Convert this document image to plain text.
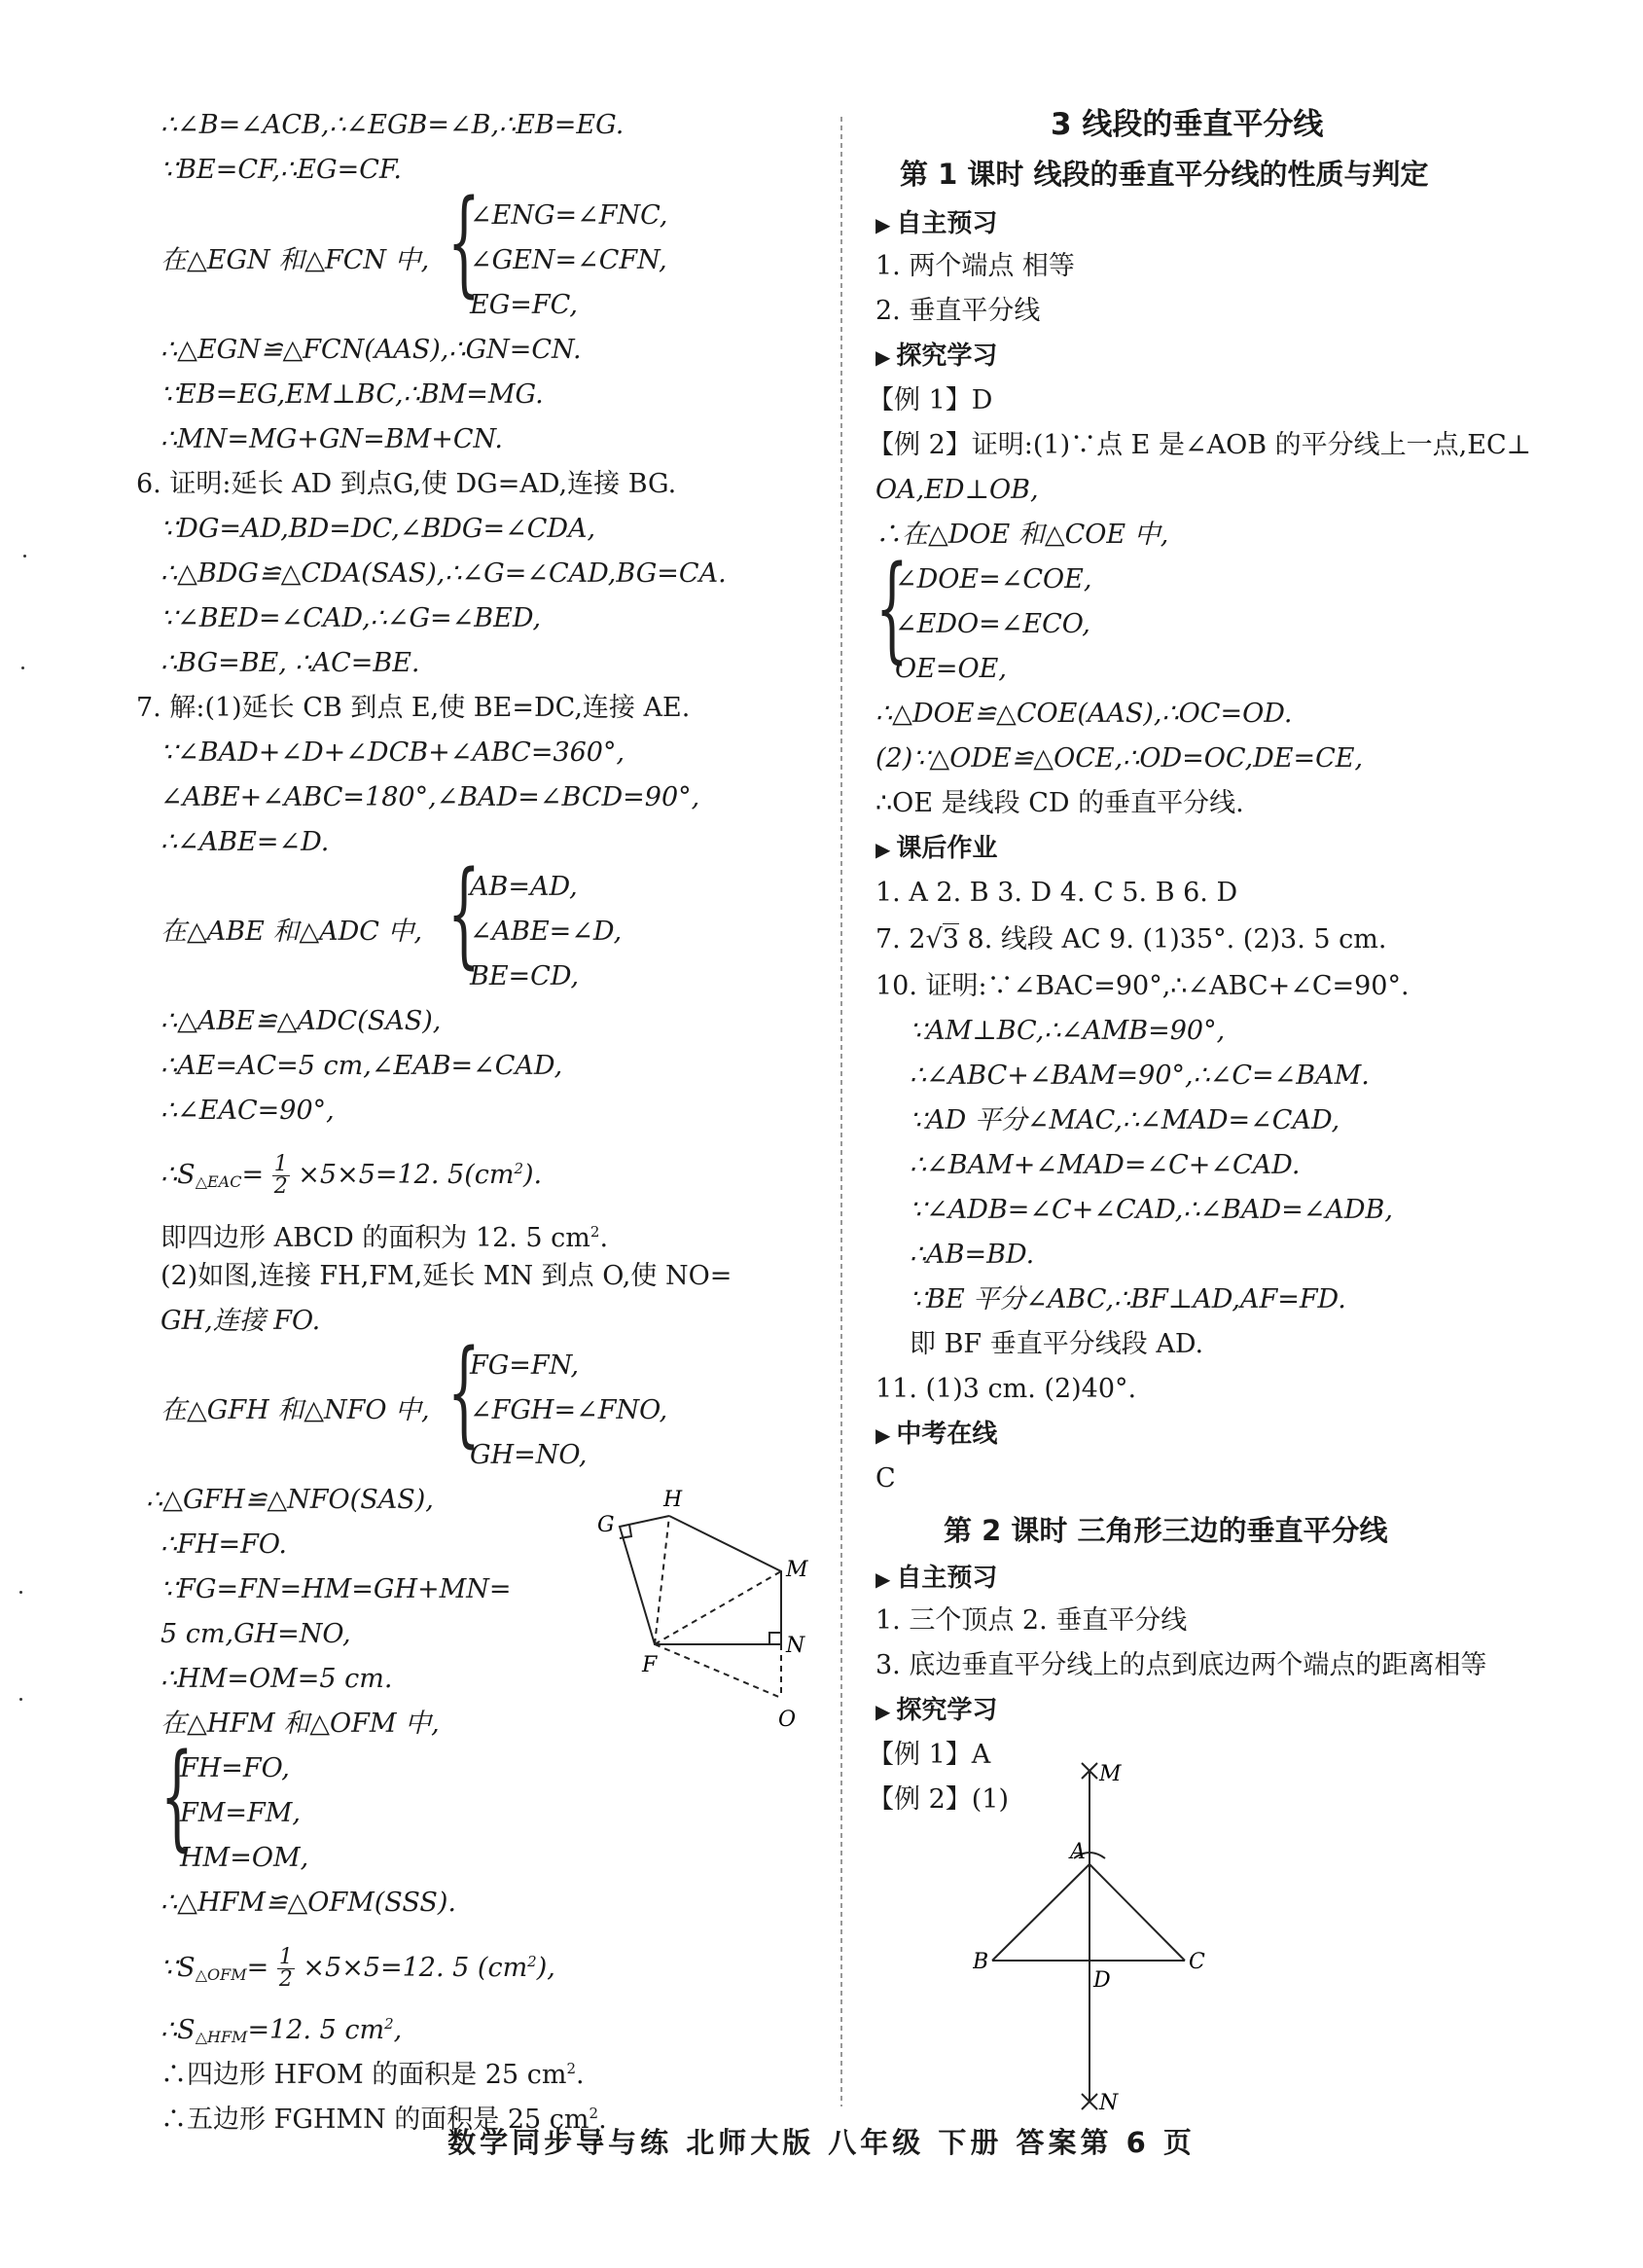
∴∠B=∠ACB,∴∠EGB=∠B,∴EB=EG.
∵BE=CF,∴EG=CF.
在△EGN 和△FCN 中, {
∠ENG=∠FNC,
∠GEN=∠CFN,
EG=FC,
∴△EGN≌△FCN(AAS),∴GN=CN.
∵EB=EG,EM⊥BC,∴BM=MG.
∴MN=MG+GN=BM+CN.
6. 证明:延长 AD 到点G,使 DG=AD,连接 BG.
∵DG=AD,BD=DC,∠BDG=∠CDA,
∴△BDG≌△CDA(SAS),∴∠G=∠CAD,BG=CA.
∵∠BED=∠CAD,∴∠G=∠BED,
∴BG=BE, ∴AC=BE.
7. 解:(1)延长 CB 到点 E,使 BE=DC,连接 AE.
∵∠BAD+∠D+∠DCB+∠ABC=360°,
∠ABE+∠ABC=180°,∠BAD=∠BCD=90°,
∴∠ABE=∠D.
在△ABE 和△ADC 中, {
AB=AD,
∠ABE=∠D,
BE=CD,
∴△ABE≌△ADC(SAS),
∴AE=AC=5 cm,∠EAB=∠CAD,
∴∠EAC=90°,
$\therefore S_{\triangle EAC}= \frac{1}{2} \times 5\times 5=12$. $5(cm^2)$.
即四边形 ABCD 的面积为 12. 5 $cm^2$.
(2)如图,连接 FH,FM,延长 MN 到点 O,使 NO=
GH,连接 FO.
在△GFH 和△NFO 中, {
FG=FN,
∠FGH=∠FNO,
GH=NO,
∴△GFH≌△NFO(SAS),
∴FH=FO.
∵FG=FN=HM=GH+MN=
5 cm,GH=NO,
∴HM=OM=5 cm.
在△HFM 和△OFM 中,
{
FH=FO,
FM=FM,
HM=OM,
∴△HFM≌△OFM(SSS).
$\because S_{\triangle OFM}= \frac{1}{2} \times 5\times 5=12$. 5 $(cm^2)$,
$\therefore S_{\triangle HFM}=12$. 5 $cm^2$,
∴四边形 HFOM 的面积是 25 $cm^2$.
∴五边形 FGHMN 的面积是 25 $cm^2$.
H
G
M
N
F
O
3 线段的垂直平分线
第 1 课时 线段的垂直平分线的性质与判定
▶ 自主预习
1. 两个端点 相等
2. 垂直平分线
▶ 探究学习
【例 1】D
【例 2】证明:(1)∵点 E 是∠AOB 的平分线上一点,EC⊥
OA,ED⊥OB,
∴在△DOE 和△COE 中,
{
∠DOE=∠COE,
∠EDO=∠ECO,
OE=OE,
∴△DOE≌△COE(AAS),∴OC=OD.
(2)∵△ODE≌△OCE,∴OD=OC,DE=CE,
∴OE 是线段 CD 的垂直平分线.
▶ 课后作业
1. A 2. B 3. D 4. C 5. B 6. D
7. 2√3 8. 线段 AC 9. (1)35°. (2)3. 5 cm.
10. 证明:∵∠BAC=90°,∴∠ABC+∠C=90°.
∵AM⊥BC,∴∠AMB=90°,
∴∠ABC+∠BAM=90°,∴∠C=∠BAM.
∵AD 平分∠MAC,∴∠MAD=∠CAD,
∴∠BAM+∠MAD=∠C+∠CAD.
∵∠ADB=∠C+∠CAD,∴∠BAD=∠ADB,
∴AB=BD.
∵BE 平分∠ABC,∴BF⊥AD,AF=FD.
即 BF 垂直平分线段 AD.
11. (1)3 cm. (2)40°.
▶ 中考在线
C
第 2 课时 三角形三边的垂直平分线
▶ 自主预习
1. 三个顶点 2. 垂直平分线
3. 底边垂直平分线上的点到底边两个端点的距离相等
▶ 探究学习
【例 1】A
【例 2】(1)
M
A
B	C
D
N
数学同步导与练 北师大版 八年级 下册 答案第 6 页
